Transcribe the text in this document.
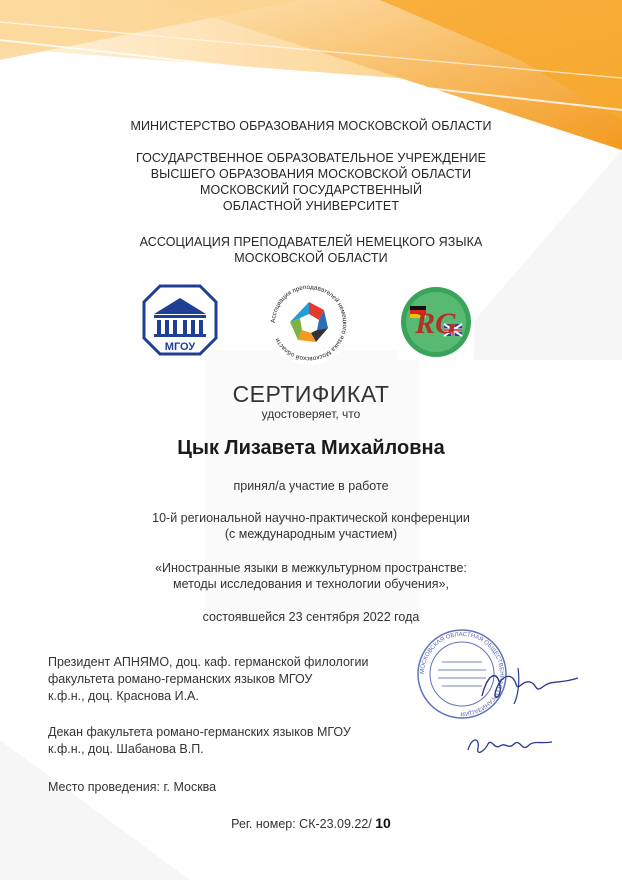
МИНИСТЕРСТВО ОБРАЗОВАНИЯ МОСКОВСКОЙ ОБЛАСТИ
ГОСУДАРСТВЕННОЕ ОБРАЗОВАТЕЛЬНОЕ УЧРЕЖДЕНИЕ
ВЫСШЕГО ОБРАЗОВАНИЯ МОСКОВСКОЙ ОБЛАСТИ
МОСКОВСКИЙ ГОСУДАРСТВЕННЫЙ
ОБЛАСТНОЙ УНИВЕРСИТЕТ
АССОЦИАЦИЯ ПРЕПОДАВАТЕЛЕЙ НЕМЕЦКОГО ЯЗЫКА
МОСКОВСКОЙ ОБЛАСТИ
МГОУ
Ассоциация преподавателей немецкого языка Московской области	RG
СЕРТИФИКАТ
удостоверяет, что
Цык Лизавета Михайловна
принял/а участие в работе
10-й региональной научно-практической конференции
(с международным участием)
«Иностранные языки в межкультурном пространстве:
методы исследования и технологии обучения»,
состоявшейся 23 сентября 2022 года
МОСКОВСКАЯ ОБЛАСТНАЯ ОБЩЕСТВЕННАЯ ОРГАНИЗАЦИЯ
Президент АПНЯМО, доц. каф. германской филологии
факультета романо-германских языков МГОУ
к.ф.н., доц. Краснова И.А.
Декан факультета романо-германских языков МГОУ
к.ф.н., доц. Шабанова В.П.
Место проведения: г. Москва
Рег. номер: СК-23.09.22/ 10
